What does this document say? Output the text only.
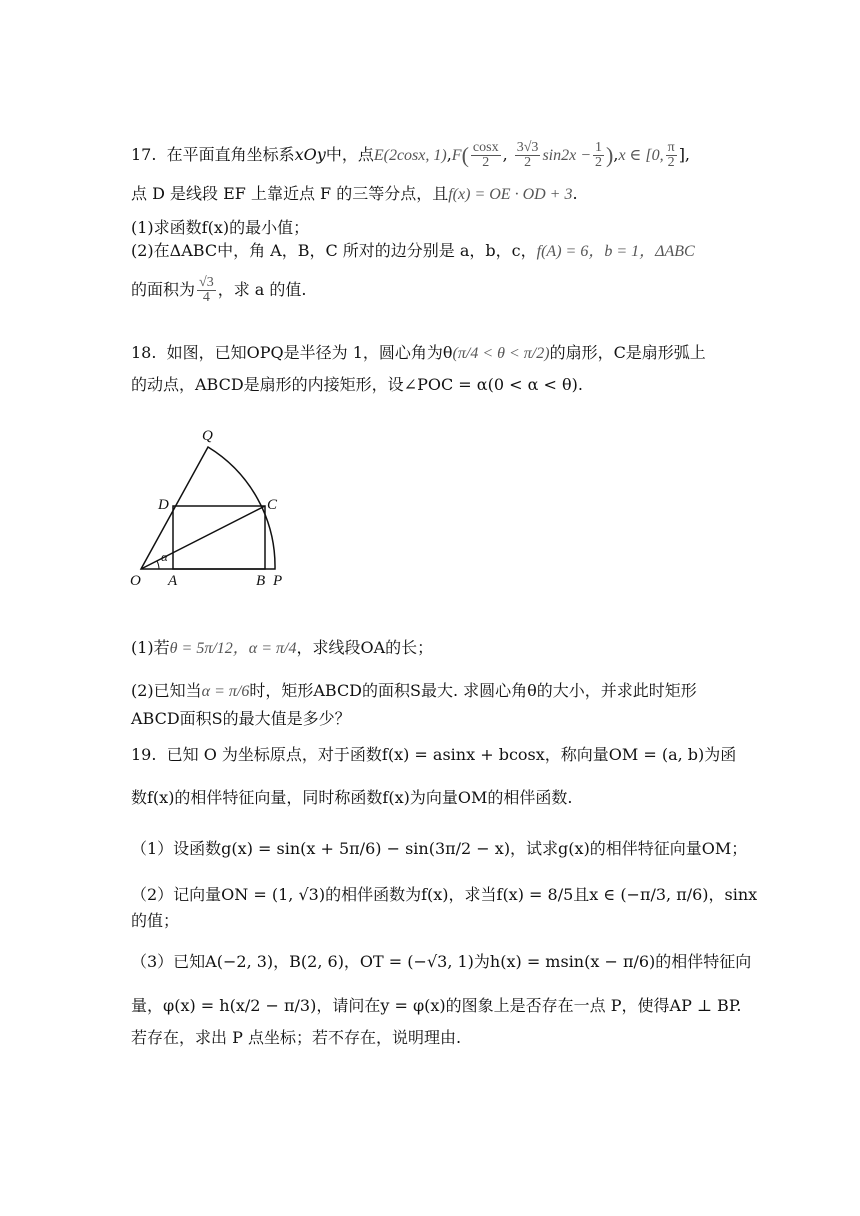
17. 在平面直角坐标系xOy中，点E(2cosx, $1),F( \frac{\cos x}{2}$ , $\frac{3√3}{2} \sin 2x - \frac{1}{2} ),x$ ∈ [0, $\frac{\pi}{2}$ ],
点 D 是线段 EF 上靠近点 F 的三等分点，且f(x) = OE · OD + 3.
(1)求函数f(x)的最小值；
(2)在ΔABC中，角 A，B，C 所对的边分别是 a，b，c，f(A) = 6，b = 1，ΔABC
的面积为 $\frac{√3}{4}$ ，求 a 的值.
18. 如图，已知OPQ是半径为 1，圆心角为θ(π/4 < θ < π/2)的扇形，C是扇形弧上
的动点，ABCD是扇形的内接矩形，设∠POC = α(0 < α < θ).
Q
D	C
O A	B P
α
(1)若θ = 5π/12，α = π/4，求线段OA的长；
(2)已知当α = π/6时，矩形ABCD的面积S最大. 求圆心角θ的大小，并求此时矩形
ABCD面积S的最大值是多少？
19. 已知 O 为坐标原点，对于函数f(x) = asinx + bcosx，称向量OM = (a, b)为函
数f(x)的相伴特征向量，同时称函数f(x)为向量OM的相伴函数.
（1）设函数g(x) = sin(x + 5π/6) − sin(3π/2 − x)，试求g(x)的相伴特征向量OM；
（2）记向量ON = (1, √3)的相伴函数为f(x)，求当f(x) = 8/5且x ∈ (−π/3, π/6)，sinx
的值；
（3）已知A(−2, 3)，B(2, 6)，OT = (−√3, 1)为h(x) = msin(x − π/6)的相伴特征向
量，φ(x) = h(x/2 − π/3)，请问在y = φ(x)的图象上是否存在一点 P，使得AP ⊥ BP.
若存在，求出 P 点坐标；若不存在，说明理由.
